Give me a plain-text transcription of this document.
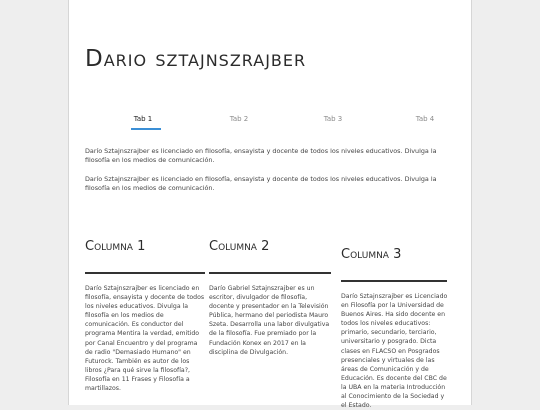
Dario sztajnszrajber
Tab 1	Tab 2	Tab 3	Tab 4
Darío Sztajnszrajber es licenciado en filosofía, ensayista y docente de todos los niveles educativos. Divulga la filosofía en los medios de comunicación.
Darío Sztajnszrajber es licenciado en filosofía, ensayista y docente de todos los niveles educativos. Divulga la filosofía en los medios de comunicación.
Columna 1
Darío Sztajnszrajber es licenciado en filosofía, ensayista y docente de todos los niveles educativos. Divulga la filosofía en los medios de comunicación. Es conductor del programa Mentira la verdad, emitido por Canal Encuentro y del programa de radio "Demasiado Humano" en Futurock. También es autor de los libros ¿Para qué sirve la filosofía?, Filosofía en 11 Frases y Filosofía a martillazos.
Columna 2
Darío Gabriel Sztajnszrajber es un escritor, divulgador de filosofía, docente y presentador en la Televisión Pública, hermano del periodista Mauro Szeta. Desarrolla una labor divulgativa de la filosofía. Fue premiado por la Fundación Konex en 2017 en la disciplina de Divulgación.
Columna 3
Darío Sztajnszrajber es Licenciado en Filosofía por la Universidad de Buenos Aires. Ha sido docente en todos los niveles educativos: primario, secundario, terciario, universitario y posgrado. Dicta clases en FLACSO en Posgrados presenciales y virtuales de las áreas de Comunicación y de Educación. Es docente del CBC de la UBA en la materia Introducción al Conocimiento de la Sociedad y el Estado.
